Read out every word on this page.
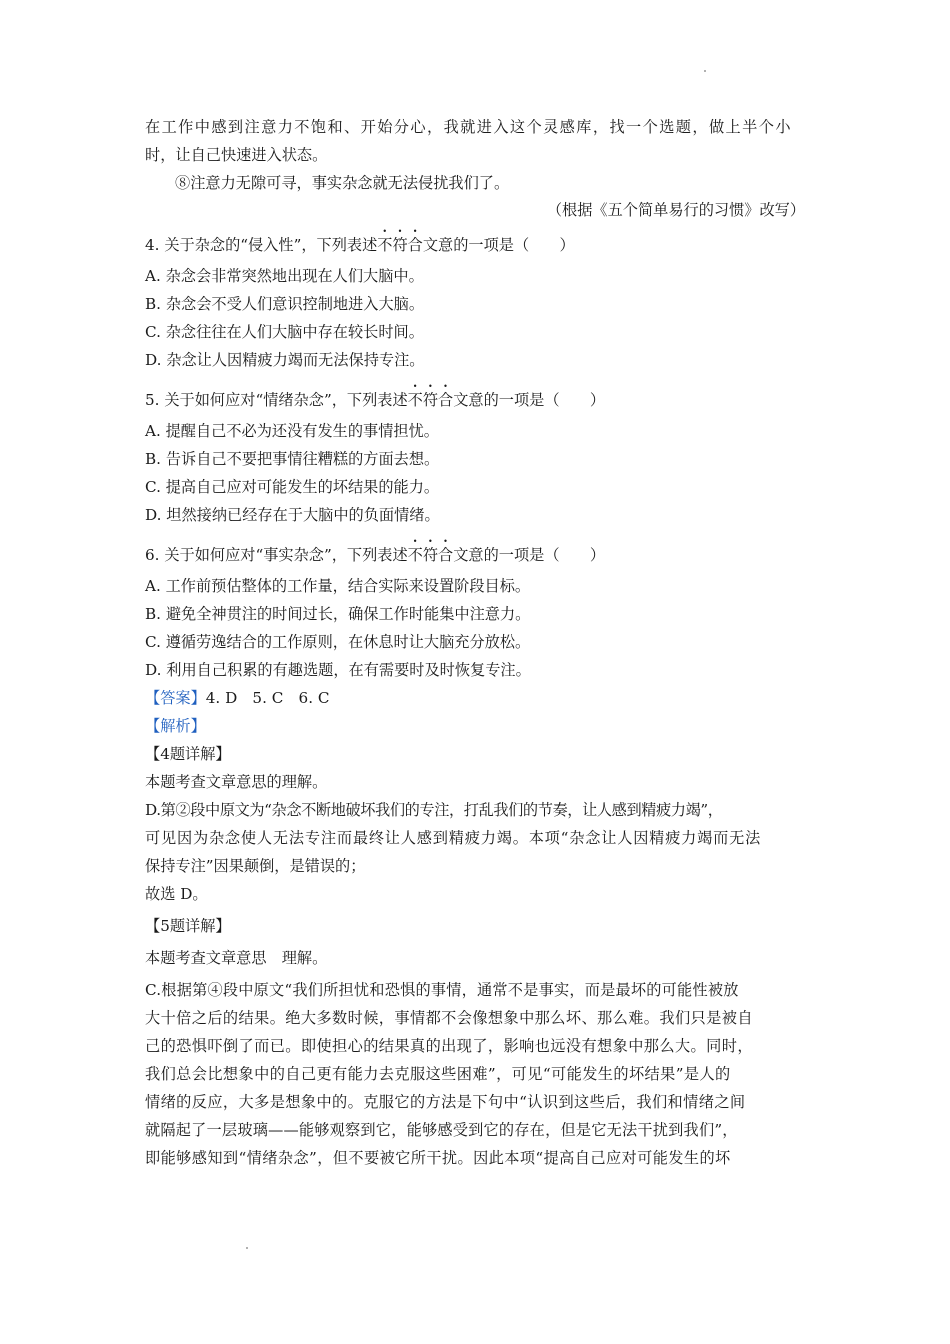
在工作中感到注意力不饱和、开始分心，我就进入这个灵感库，找一个选题，做上半个小
时，让自己快速进入状态。
⑧注意力无隙可寻，事实杂念就无法侵扰我们了。
（根据《五个简单易行的习惯》改写）
4. 关于杂念的“侵入性”，下列表述不符合文意的一项是（　　）
A. 杂念会非常突然地出现在人们大脑中。
B. 杂念会不受人们意识控制地进入大脑。
C. 杂念往往在人们大脑中存在较长时间。
D. 杂念让人因精疲力竭而无法保持专注。
5. 关于如何应对“情绪杂念”，下列表述不符合文意的一项是（　　）
A. 提醒自己不必为还没有发生的事情担忧。
B. 告诉自己不要把事情往糟糕的方面去想。
C. 提高自己应对可能发生的坏结果的能力。
D. 坦然接纳已经存在于大脑中的负面情绪。
6. 关于如何应对“事实杂念”，下列表述不符合文意的一项是（　　）
A. 工作前预估整体的工作量，结合实际来设置阶段目标。
B. 避免全神贯注的时间过长，确保工作时能集中注意力。
C. 遵循劳逸结合的工作原则，在休息时让大脑充分放松。
D. 利用自己积累的有趣选题，在有需要时及时恢复专注。
【答案】4. D　5. C　6. C
【解析】
【4题详解】
本题考查文章意思的理解。
D.第②段中原文为“杂念不断地破坏我们的专注，打乱我们的节奏，让人感到精疲力竭”，
可见因为杂念使人无法专注而最终让人感到精疲力竭。本项“杂念让人因精疲力竭而无法
保持专注”因果颠倒，是错误的；
故选 D。
【5题详解】
本题考查文章意思　理解。
C.根据第④段中原文“我们所担忧和恐惧的事情，通常不是事实，而是最坏的可能性被放
大十倍之后的结果。绝大多数时候，事情都不会像想象中那么坏、那么难。我们只是被自
己的恐惧吓倒了而已。即使担心的结果真的出现了，影响也远没有想象中那么大。同时，
我们总会比想象中的自己更有能力去克服这些困难”，可见“可能发生的坏结果”是人的
情绪的反应，大多是想象中的。克服它的方法是下句中“认识到这些后，我们和情绪之间
就隔起了一层玻璃——能够观察到它，能够感受到它的存在，但是它无法干扰到我们”，
即能够感知到“情绪杂念”，但不要被它所干扰。因此本项“提高自己应对可能发生的坏
